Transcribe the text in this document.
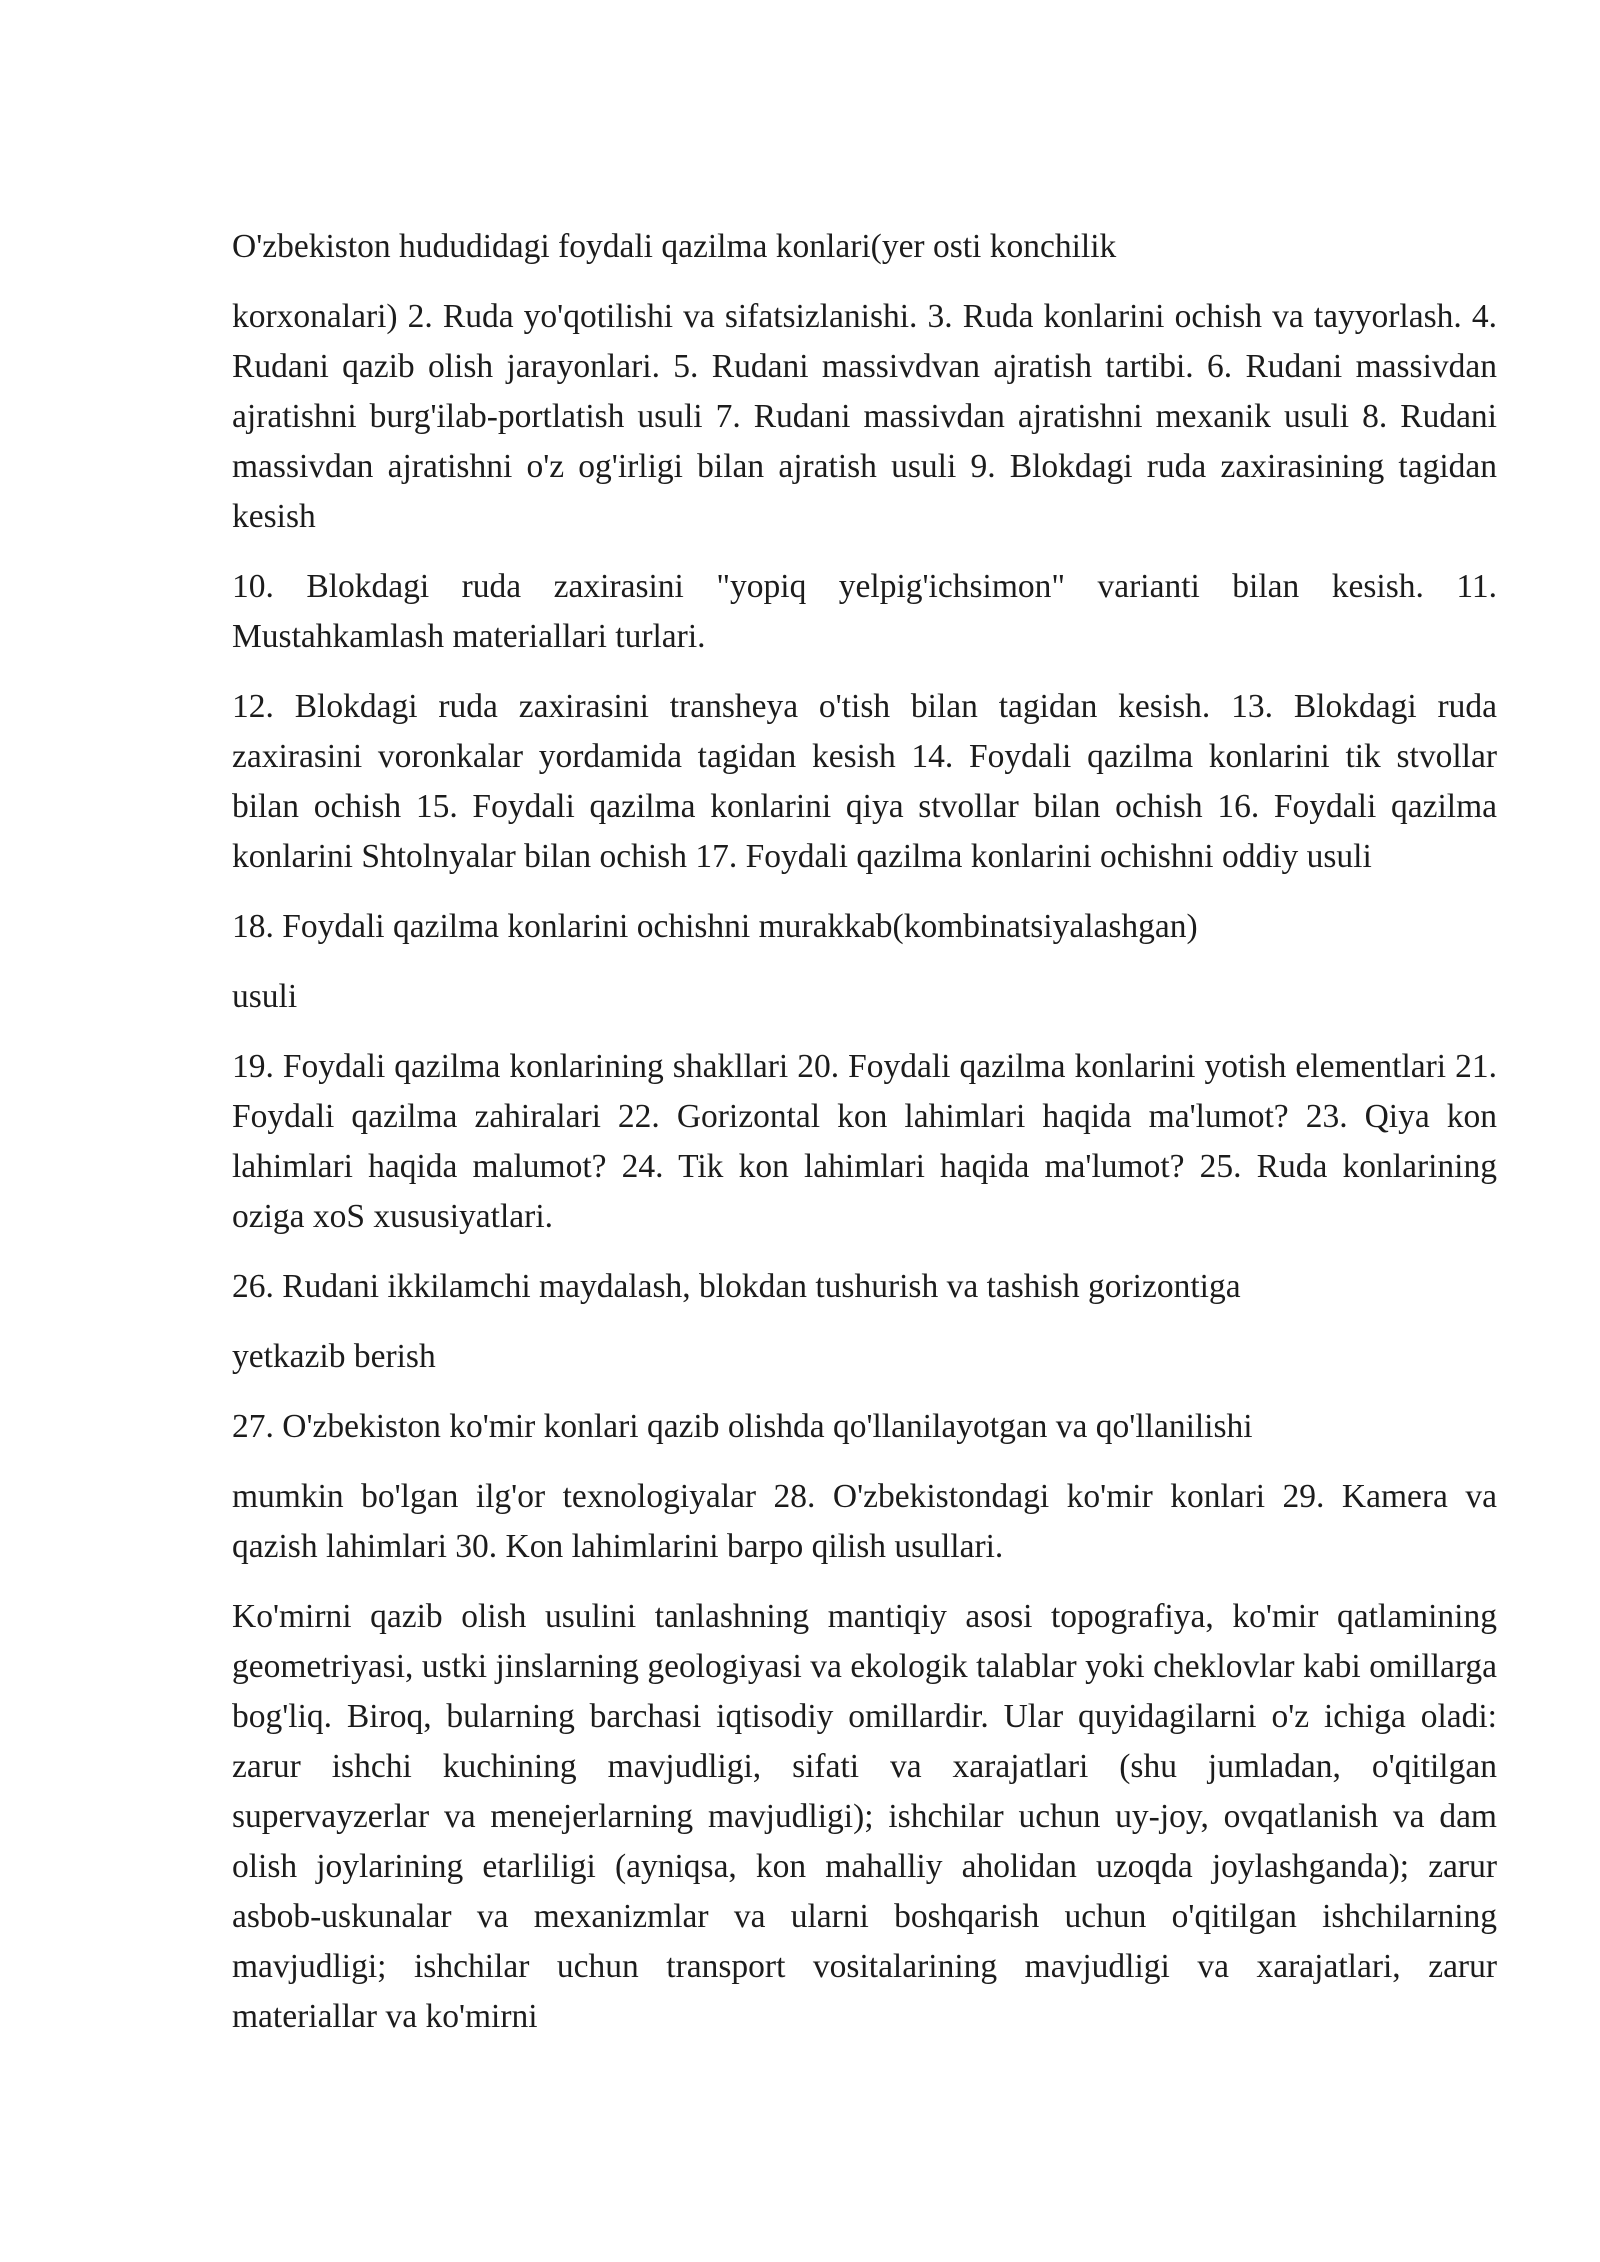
O'zbekiston hududidagi foydali qazilma konlari(yer osti konchilik

korxonalari) 2. Ruda yo'qotilishi va sifatsizlanishi. 3. Ruda konlarini ochish va tayyorlash. 4. Rudani qazib olish jarayonlari. 5. Rudani massivdvan ajratish tartibi. 6. Rudani massivdan ajratishni burg'ilab-portlatish usuli 7. Rudani massivdan ajratishni mexanik usuli 8. Rudani massivdan ajratishni o'z og'irligi bilan ajratish usuli 9. Blokdagi ruda zaxirasining tagidan kesish

10. Blokdagi ruda zaxirasini "yopiq yelpig'ichsimon" varianti bilan kesish. 11. Mustahkamlash materiallari turlari.

12. Blokdagi ruda zaxirasini transheya o'tish bilan tagidan kesish. 13. Blokdagi ruda zaxirasini voronkalar yordamida tagidan kesish 14. Foydali qazilma konlarini tik stvollar bilan ochish 15. Foydali qazilma konlarini qiya stvollar bilan ochish 16. Foydali qazilma konlarini Shtolnyalar bilan ochish 17. Foydali qazilma konlarini ochishni oddiy usuli

18. Foydali qazilma konlarini ochishni murakkab(kombinatsiyalashgan)

usuli

19. Foydali qazilma konlarining shakllari 20. Foydali qazilma konlarini yotish elementlari 21. Foydali qazilma zahiralari 22. Gorizontal kon lahimlari haqida ma'lumot? 23. Qiya kon lahimlari haqida malumot? 24. Tik kon lahimlari haqida ma'lumot? 25. Ruda konlarining oziga xoS xususiyatlari.

26. Rudani ikkilamchi maydalash, blokdan tushurish va tashish gorizontiga

yetkazib berish

27. O'zbekiston ko'mir konlari qazib olishda qo'llanilayotgan va qo'llanilishi

mumkin bo'lgan ilg'or texnologiyalar 28. O'zbekistondagi ko'mir konlari 29. Kamera va qazish lahimlari 30. Kon lahimlarini barpo qilish usullari.

Ko'mirni qazib olish usulini tanlashning mantiqiy asosi topografiya, ko'mir qatlamining geometriyasi, ustki jinslarning geologiyasi va ekologik talablar yoki cheklovlar kabi omillarga bog'liq. Biroq, bularning barchasi iqtisodiy omillardir. Ular quyidagilarni o'z ichiga oladi: zarur ishchi kuchining mavjudligi, sifati va xarajatlari (shu jumladan, o'qitilgan supervayzerlar va menejerlarning mavjudligi); ishchilar uchun uy-joy, ovqatlanish va dam olish joylarining etarliligi (ayniqsa, kon mahalliy aholidan uzoqda joylashganda); zarur asbob-uskunalar va mexanizmlar va ularni boshqarish uchun o'qitilgan ishchilarning mavjudligi; ishchilar uchun transport vositalarining mavjudligi va xarajatlari, zarur materiallar va ko'mirni
